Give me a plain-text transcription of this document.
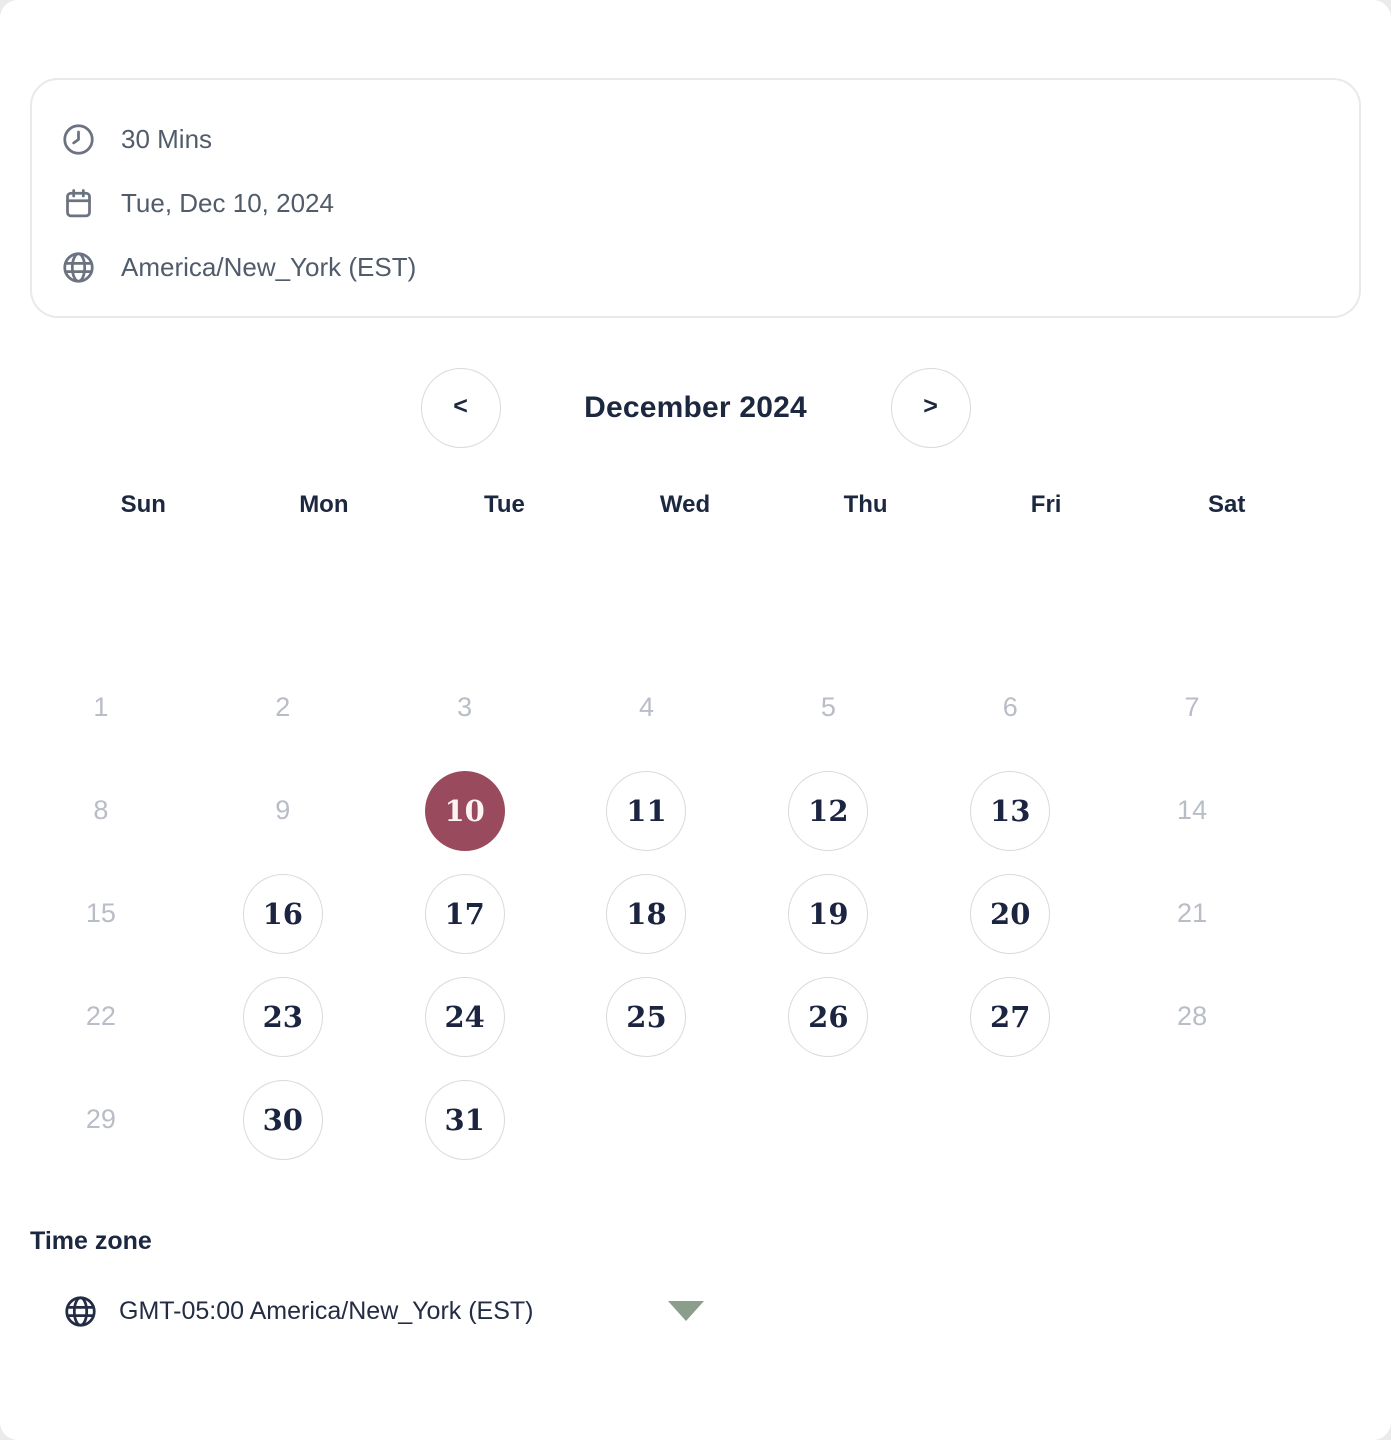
30 Mins
Tue, Dec 10, 2024
America/New_York (EST)
<	December 2024	>
Sun	Mon	Tue	Wed	Thu	Fri	Sat
1	2	3	4	5	6	7
8	9	10	11	12	13	14
15	16	17	18	19	20	21
22	23	24	25	26	27	28
29	30	31
Time zone
GMT-05:00 America/New_York (EST)
